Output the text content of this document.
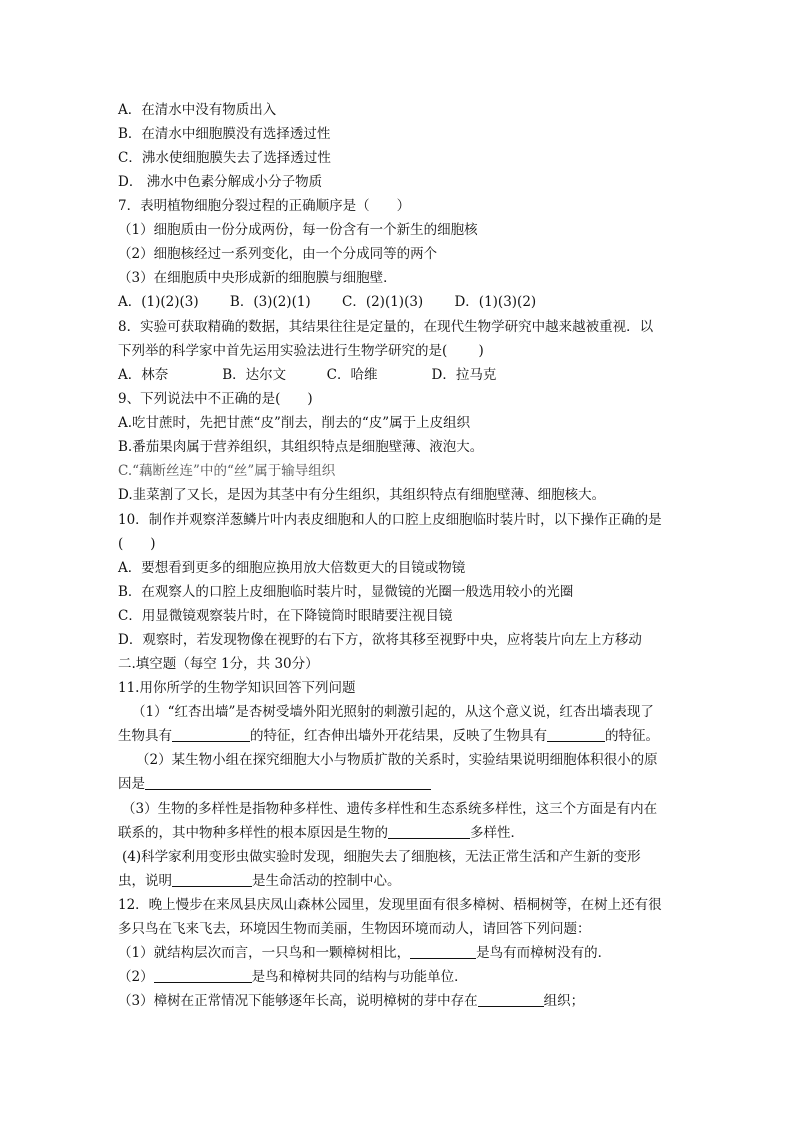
A．在清水中没有物质出入
B．在清水中细胞膜没有选择透过性
C．沸水使细胞膜失去了选择透过性
D． 沸水中色素分解成小分子物质
7．表明植物细胞分裂过程的正确顺序是（　　）
（1）细胞质由一份分成两份，每一份含有一个新生的细胞核
（2）细胞核经过一系列变化，由一个分成同等的两个
（3）在细胞质中央形成新的细胞膜与细胞壁．
A．(1)(2)(3)　　 B．(3)(2)(1)　　 C．(2)(1)(3)　　 D．(1)(3)(2)
8．实验可获取精确的数据，其结果往往是定量的，在现代生物学研究中越来越被重视．以
下列举的科学家中首先运用实验法进行生物学研究的是(　　 )
A．林奈　　　　B．达尔文　　　C．哈维　　　　D．拉马克
9、下列说法中不正确的是(　　)
A.吃甘蔗时，先把甘蔗“皮”削去，削去的“皮”属于上皮组织
B.番茄果肉属于营养组织，其组织特点是细胞壁薄、液泡大。
C.“藕断丝连”中的“丝”属于输导组织
D.韭菜割了又长，是因为其茎中有分生组织，其组织特点有细胞壁薄、细胞核大。
10．制作并观察洋葱鳞片叶内表皮细胞和人的口腔上皮细胞临时装片时，以下操作正确的是
(　　)
A．要想看到更多的细胞应换用放大倍数更大的目镜或物镜
B．在观察人的口腔上皮细胞临时装片时，显微镜的光圈一般选用较小的光圈
C．用显微镜观察装片时，在下降镜筒时眼睛要注视目镜
D．观察时，若发现物像在视野的右下方，欲将其移至视野中央，应将装片向左上方移动
二.填空题（每空 1分，共 30分）
11.用你所学的生物学知识回答下列问题
（1）“红杏出墙”是杏树受墙外阳光照射的刺激引起的，从这个意义说，红杏出墙表现了
生物具有	的特征，红杏伸出墙外开花结果，反映了生物具有	的特征。
（2）某生物小组在探究细胞大小与物质扩散的关系时，实验结果说明细胞体积很小的原
因是
（3）生物的多样性是指物种多样性、遗传多样性和生态系统多样性，这三个方面是有内在
联系的，其中物种多样性的根本原因是生物的	多样性．
(4)科学家利用变形虫做实验时发现，细胞失去了细胞核，无法正常生活和产生新的变形
虫，说明	是生命活动的控制中心。
12．晚上慢步在来凤县庆凤山森林公园里，发现里面有很多樟树、梧桐树等，在树上还有很
多只鸟在飞来飞去，环境因生物而美丽，生物因环境而动人，请回答下列问题：
（1）就结构层次而言，一只鸟和一颗樟树相比，	是鸟有而樟树没有的．
（2）	是鸟和樟树共同的结构与功能单位．
（3）樟树在正常情况下能够逐年长高，说明樟树的芽中存在	组织；
